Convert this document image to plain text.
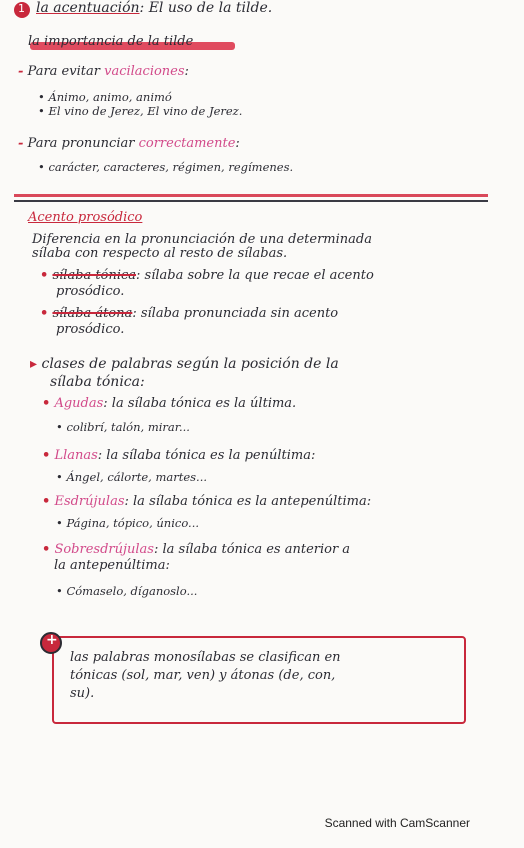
1 la acentuación: El uso de la tilde.
la importancia de la tilde
- Para evitar vacilaciones:
• Ánimo, animo, animó
• El vino de Jerez, El vino de Jerez.
- Para pronunciar correctamente:
• carácter, caracteres, régimen, regímenes.
Acento prosódico
Diferencia en la pronunciación de una determinada
sílaba con respecto al resto de sílabas.
• sílaba tónica: sílaba sobre la que recae el acento
prosódico.
• sílaba átona: sílaba pronunciada sin acento
prosódico.
▸ clases de palabras según la posición de la
sílaba tónica:
• Agudas: la sílaba tónica es la última.
• colibrí, talón, mirar...
• Llanas: la sílaba tónica es la penúltima:
• Ángel, cálorte, martes...
• Esdrújulas: la sílaba tónica es la antepenúltima:
• Página, tópico, único...
• Sobresdrújulas: la sílaba tónica es anterior a
la antepenúltima:
• Cómaselo, díganoslo...
+
las palabras monosílabas se clasifican en
tónicas (sol, mar, ven) y átonas (de, con,
su).
Scanned with CamScanner
